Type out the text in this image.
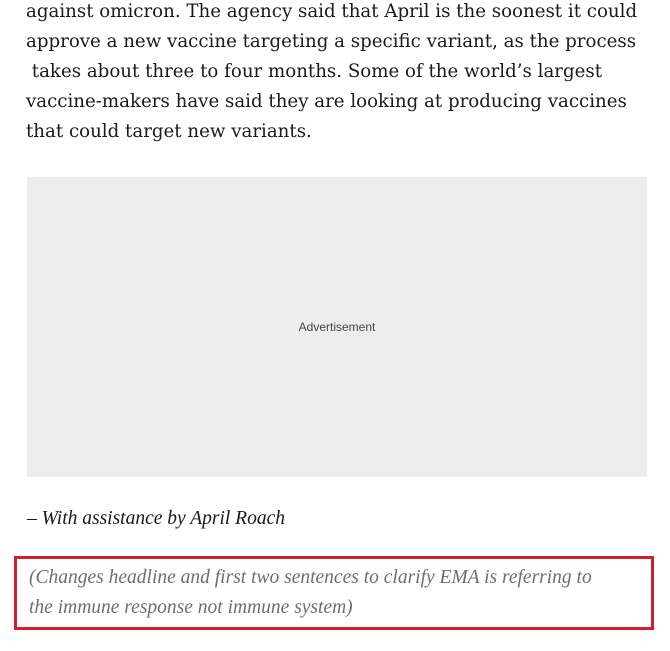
against omicron. The agency said that April is the soonest it could
approve a new vaccine targeting a specific variant, as the process
takes about three to four months. Some of the world’s largest
vaccine-makers have said they are looking at producing vaccines
that could target new variants.

Advertisement

– With assistance by April Roach

(Changes headline and first two sentences to clarify EMA is referring to
the immune response not immune system)
